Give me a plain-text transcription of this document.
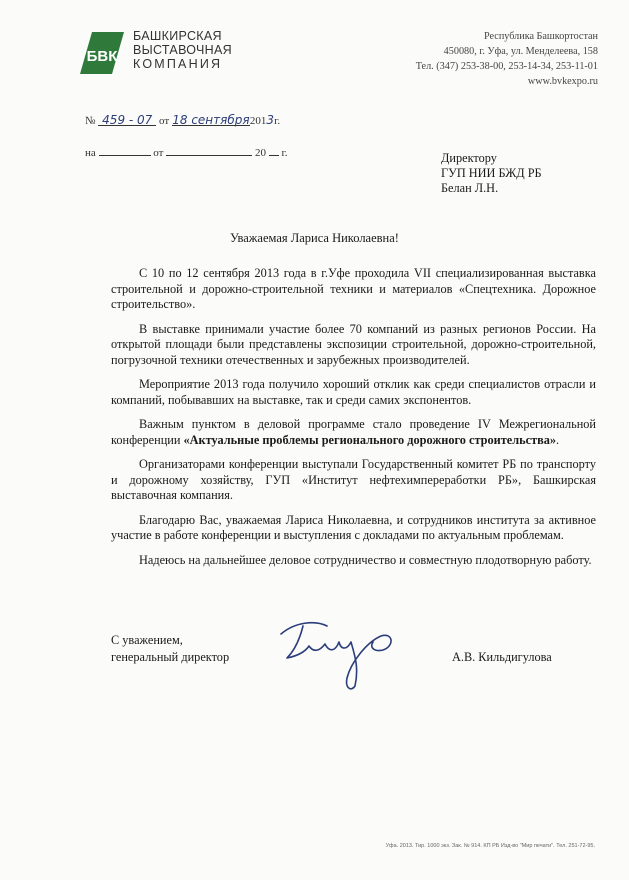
БВК
БАШКИРСКАЯ
ВЫСТАВОЧНАЯ
КОМПАНИЯ
Республика Башкортостан
450080, г. Уфа, ул. Менделеева, 158
Тел. (347) 253-38-00, 253-14-34, 253-11-01
www.bvkexpo.ru
№ 459 - 07 от 18 сентября2013г.
на	от	20 г.	Директору
ГУП НИИ БЖД РБ
Белан Л.Н.
Уважаемая Лариса Николаевна!

С 10 по 12 сентября 2013 года в г.Уфе проходила VII специализированная выставка строительной и дорожно-строительной техники и материалов «Спецтехника. Дорожное строительство».

В выставке принимали участие более 70 компаний из разных регионов России. На открытой площади были представлены экспозиции строительной, дорожно-строительной, погрузочной техники отечественных и зарубежных производителей.

Мероприятие 2013 года получило хороший отклик как среди специалистов отрасли и компаний, побывавших на выставке, так и среди самих экспонентов.

Важным пунктом в деловой программе стало проведение IV Межрегиональной конференции «Актуальные проблемы регионального дорожного строительства».

Организаторами конференции выступали Государственный комитет РБ по транспорту и дорожному хозяйству, ГУП «Институт нефтехимпереработки РБ», Башкирская выставочная компания.

Благодарю Вас, уважаемая Лариса Николаевна, и сотрудников института за активное участие в работе конференции и выступления с докладами по актуальным проблемам.

Надеюсь на дальнейшее деловое сотрудничество и совместную плодотворную работу.

С уважением,
генеральный директор	А.В. Кильдигулова
Уфа. 2013. Тир. 1000 экз. Зак. № 914. КП РБ Изд-во "Мир печати". Тел. 251-72-95.
